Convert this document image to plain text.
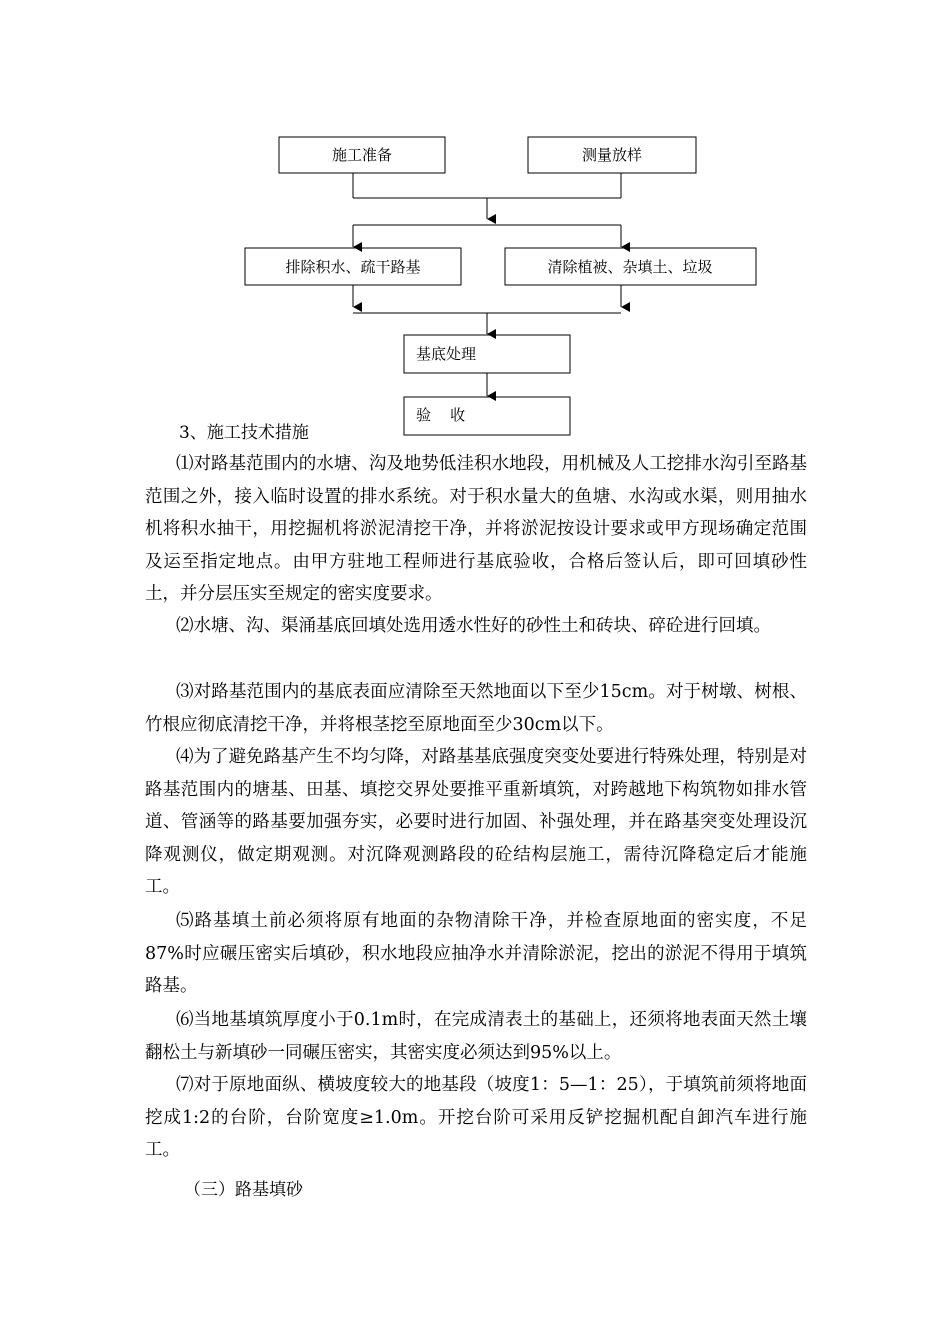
施工准备	测量放样
排除积水、疏干路基	清除植被、杂填土、垃圾
基底处理
验    收
3、施工技术措施

⑴对路基范围内的水塘、沟及地势低洼积水地段，用机械及人工挖排水沟引至路基范围之外，接入临时设置的排水系统。对于积水量大的鱼塘、水沟或水渠，则用抽水机将积水抽干，用挖掘机将淤泥清挖干净，并将淤泥按设计要求或甲方现场确定范围及运至指定地点。由甲方驻地工程师进行基底验收，合格后签认后，即可回填砂性土，并分层压实至规定的密实度要求。

⑵水塘、沟、渠涌基底回填处选用透水性好的砂性土和砖块、碎砼进行回填。

⑶对路基范围内的基底表面应清除至天然地面以下至少15cm。对于树墩、树根、竹根应彻底清挖干净，并将根茎挖至原地面至少30cm以下。

⑷为了避免路基产生不均匀降，对路基基底强度突变处要进行特殊处理，特别是对路基范围内的塘基、田基、填挖交界处要推平重新填筑，对跨越地下构筑物如排水管道、管涵等的路基要加强夯实，必要时进行加固、补强处理，并在路基突变处理设沉降观测仪，做定期观测。对沉降观测路段的砼结构层施工，需待沉降稳定后才能施工。

⑸路基填土前必须将原有地面的杂物清除干净，并检查原地面的密实度，不足87%时应碾压密实后填砂，积水地段应抽净水并清除淤泥，挖出的淤泥不得用于填筑路基。

⑹当地基填筑厚度小于0.1m时，在完成清表土的基础上，还须将地表面天然土壤翻松土与新填砂一同碾压密实，其密实度必须达到95%以上。

⑺对于原地面纵、横坡度较大的地基段（坡度1：5—1：25），于填筑前须将地面挖成1:2的台阶，台阶宽度≥1.0m。开挖台阶可采用反铲挖掘机配自卸汽车进行施工。

（三）路基填砂
